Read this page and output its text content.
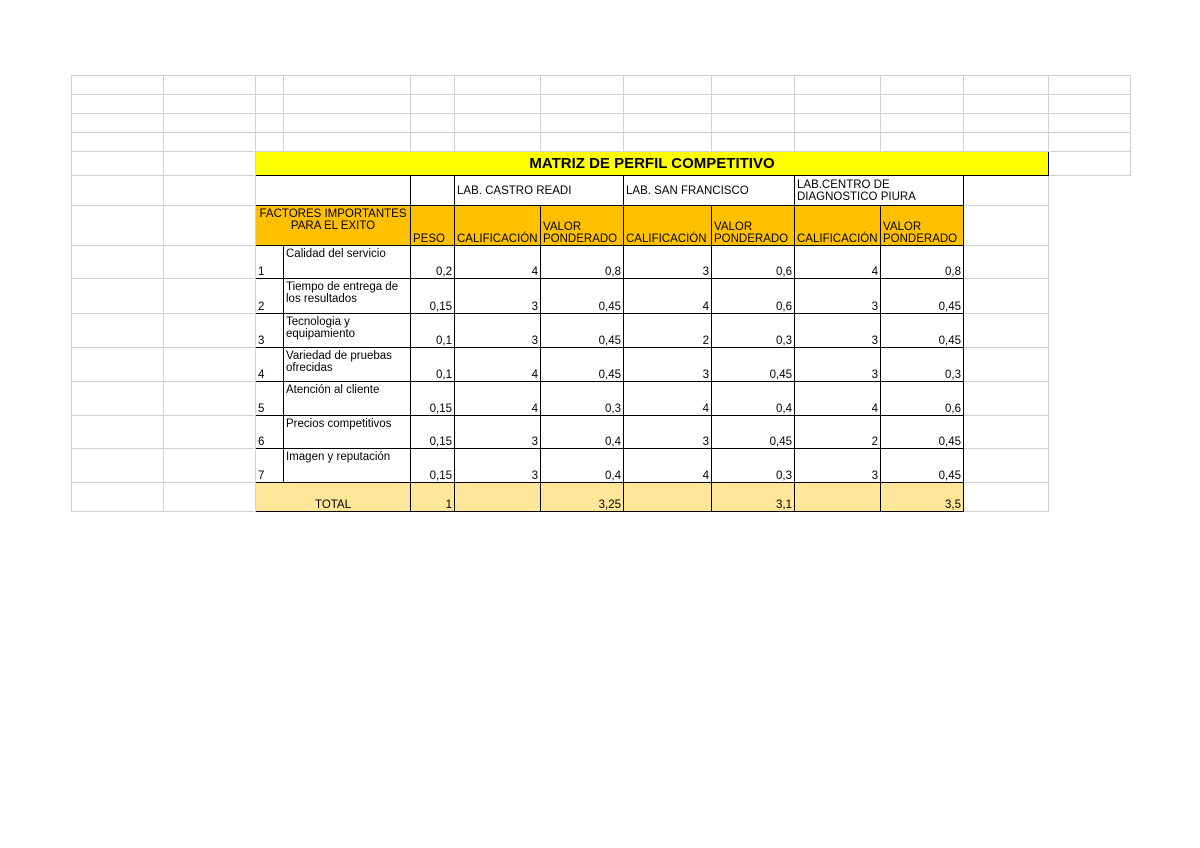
		MATRIZ DE PERFIL COMPETITIVO										
					LAB. CASTRO READI		LAB. SAN FRANCISCO		LAB.CENTRO DE DIAGNOSTICO PIURA			
		FACTORES IMPORTANTES PARA EL EXITO		PESO	CALIFICACIÓN	VALOR PONDERADO	CALIFICACIÓN	VALOR PONDERADO	CALIFICACIÓN	VALOR PONDERADO		
		1	Calidad del servicio	0,2	4	0,8	3	0,6	4	0,8		
		2	Tiempo de entrega de los resultados	0,15	3	0,45	4	0,6	3	0,45		
		3	Tecnologia y equipamiento	0,1	3	0,45	2	0,3	3	0,45		
		4	Variedad de pruebas ofrecidas	0,1	4	0,45	3	0,45	3	0,3		
		5	Atención al cliente	0,15	4	0,3	4	0,4	4	0,6		
		6	Precios competitivos	0,15	3	0,4	3	0,45	2	0,45		
		7	Imagen y reputación	0,15	3	0,4	4	0,3	3	0,45		
		TOTAL		1		3,25		3,1		3,5		
